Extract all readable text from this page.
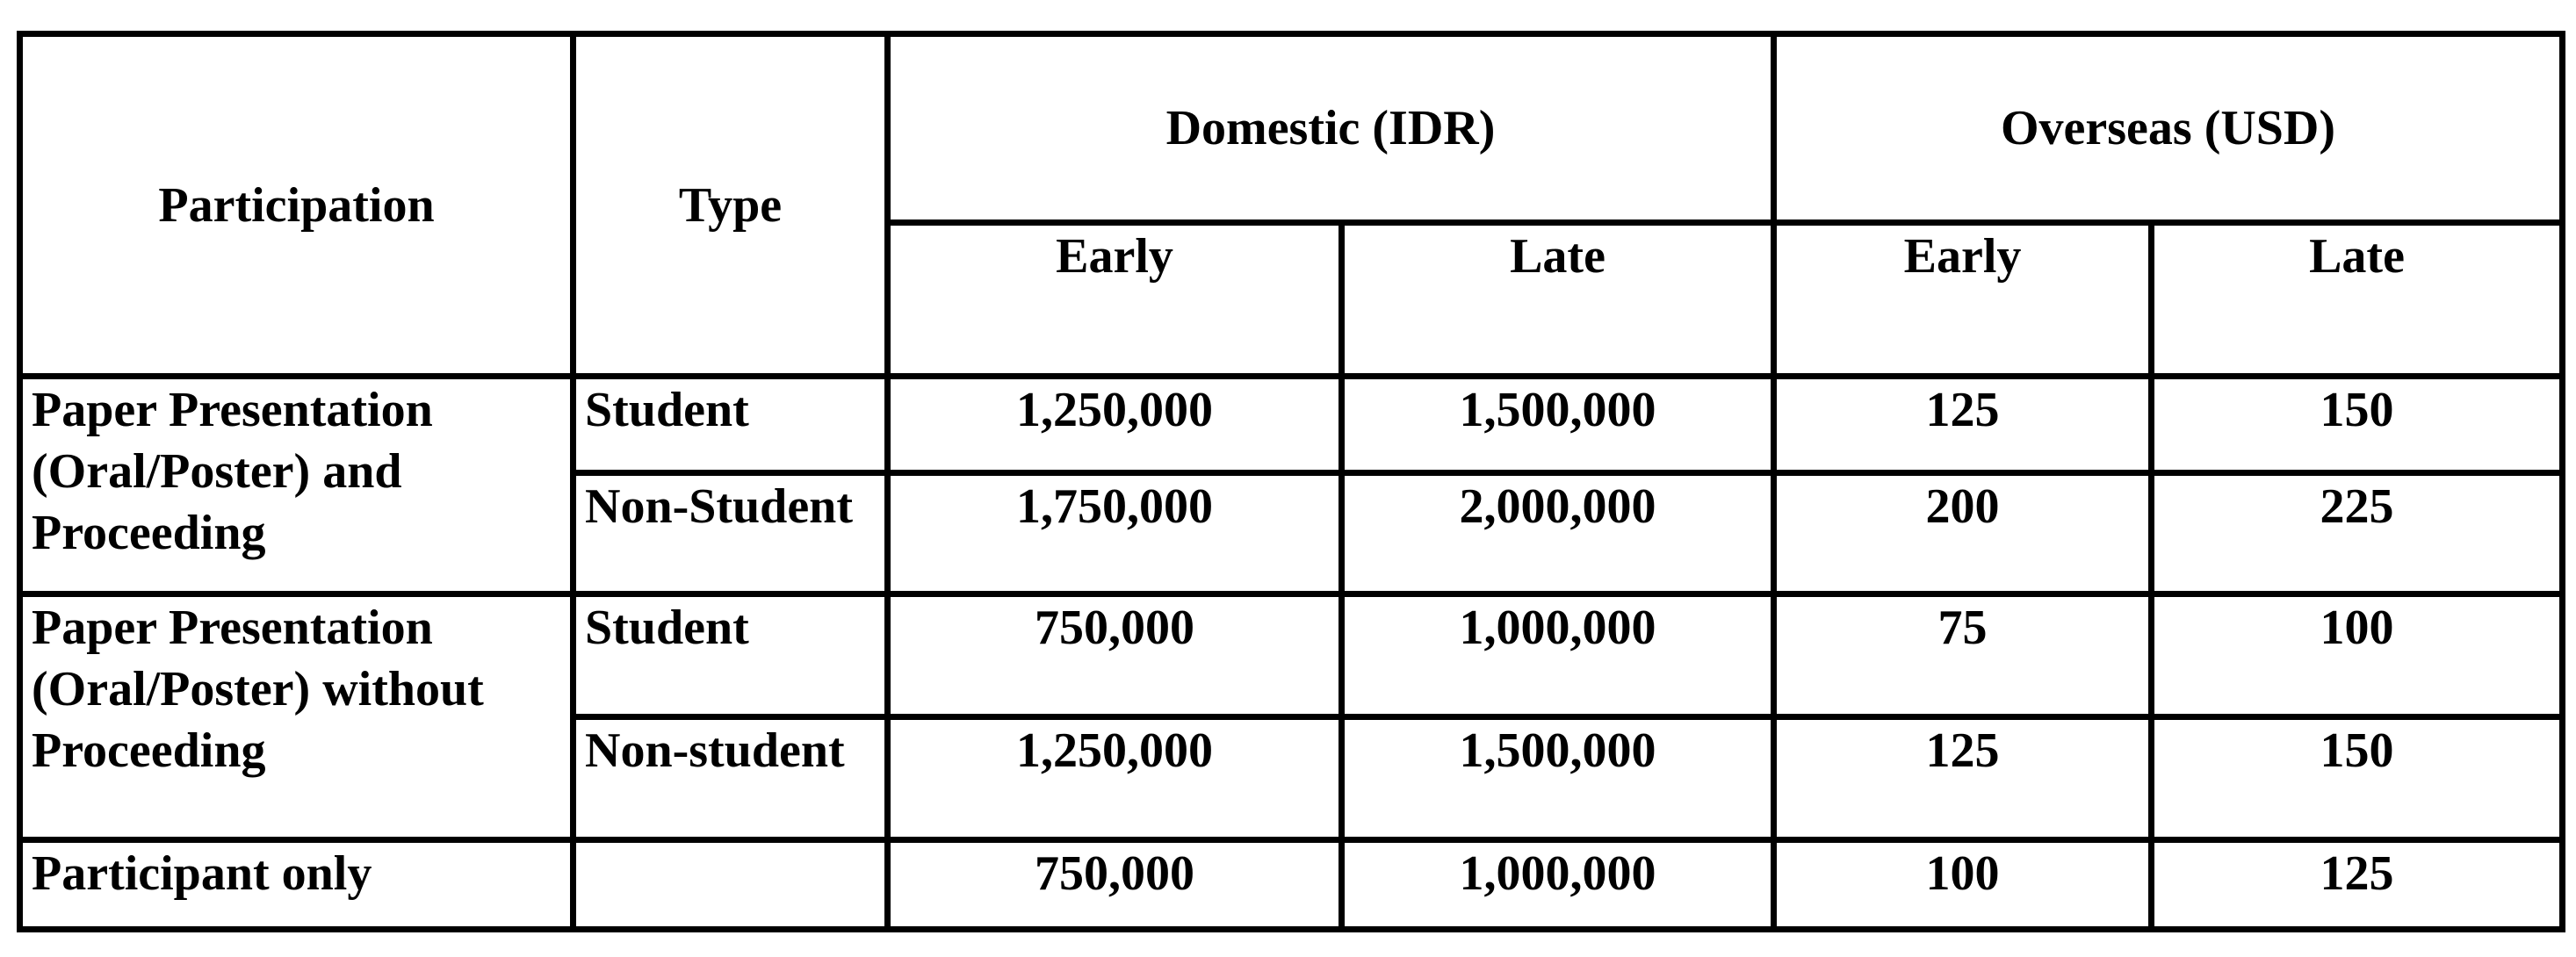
Participation	Type	Domestic (IDR)		Overseas (USD)	
		Early	Late	Early	Late

Paper Presentation
(Oral/Poster) and
Proceeding	Student	1,250,000	1,500,000	125	150
	Non-Student	1,750,000	2,000,000	200	225

Paper Presentation
(Oral/Poster) without
Proceeding	Student	750,000	1,000,000	75	100
	Non-student	1,250,000	1,500,000	125	150

Participant only		750,000	1,000,000	100	125
